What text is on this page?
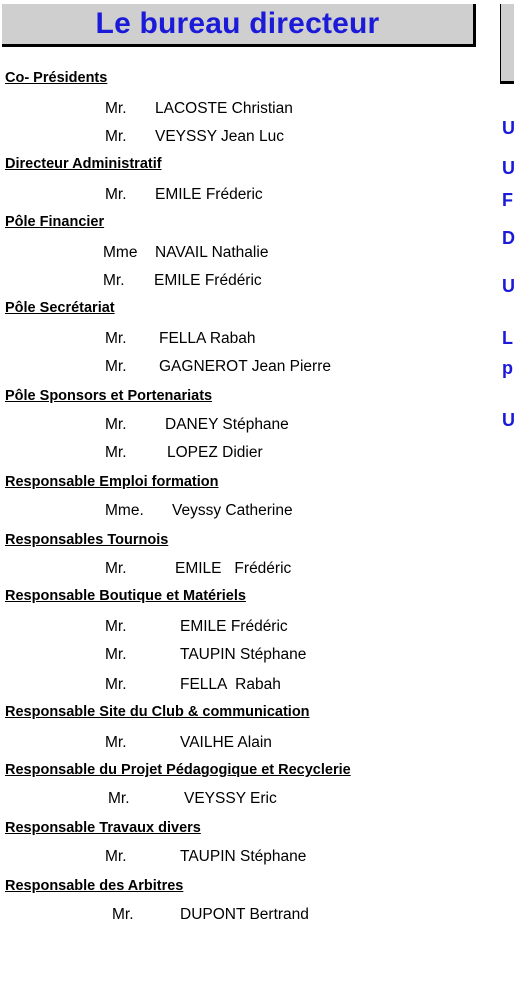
Le bureau directeur
Co- Présidents
Mr. LACOSTE Christian
Mr. VEYSSY Jean Luc
Directeur Administratif
Mr. EMILE Fréderic
Pôle Financier
Mme NAVAIL Nathalie
Mr. EMILE Frédéric
Pôle Secrétariat
Mr. FELLA Rabah
Mr. GAGNEROT Jean Pierre
Pôle Sponsors et Portenariats
Mr. DANEY Stéphane
Mr.	LOPEZ Didier
Responsable Emploi formation
Mme. Veyssy Catherine
Responsables Tournois
Mr.	EMILE   Frédéric
Responsable Boutique et Matériels
Mr.	EMILE Frédéric
Mr.	TAUPIN Stéphane
Mr.	FELLA  Rabah
Responsable Site du Club & communication
Mr.	VAILHE Alain
Responsable du Projet Pédagogique et Recyclerie
Mr.	VEYSSY Eric
Responsable Travaux divers
Mr.	TAUPIN Stéphane
Responsable des Arbitres
Mr.	DUPONT Bertrand
U
U
F
D
U
L
p
U
